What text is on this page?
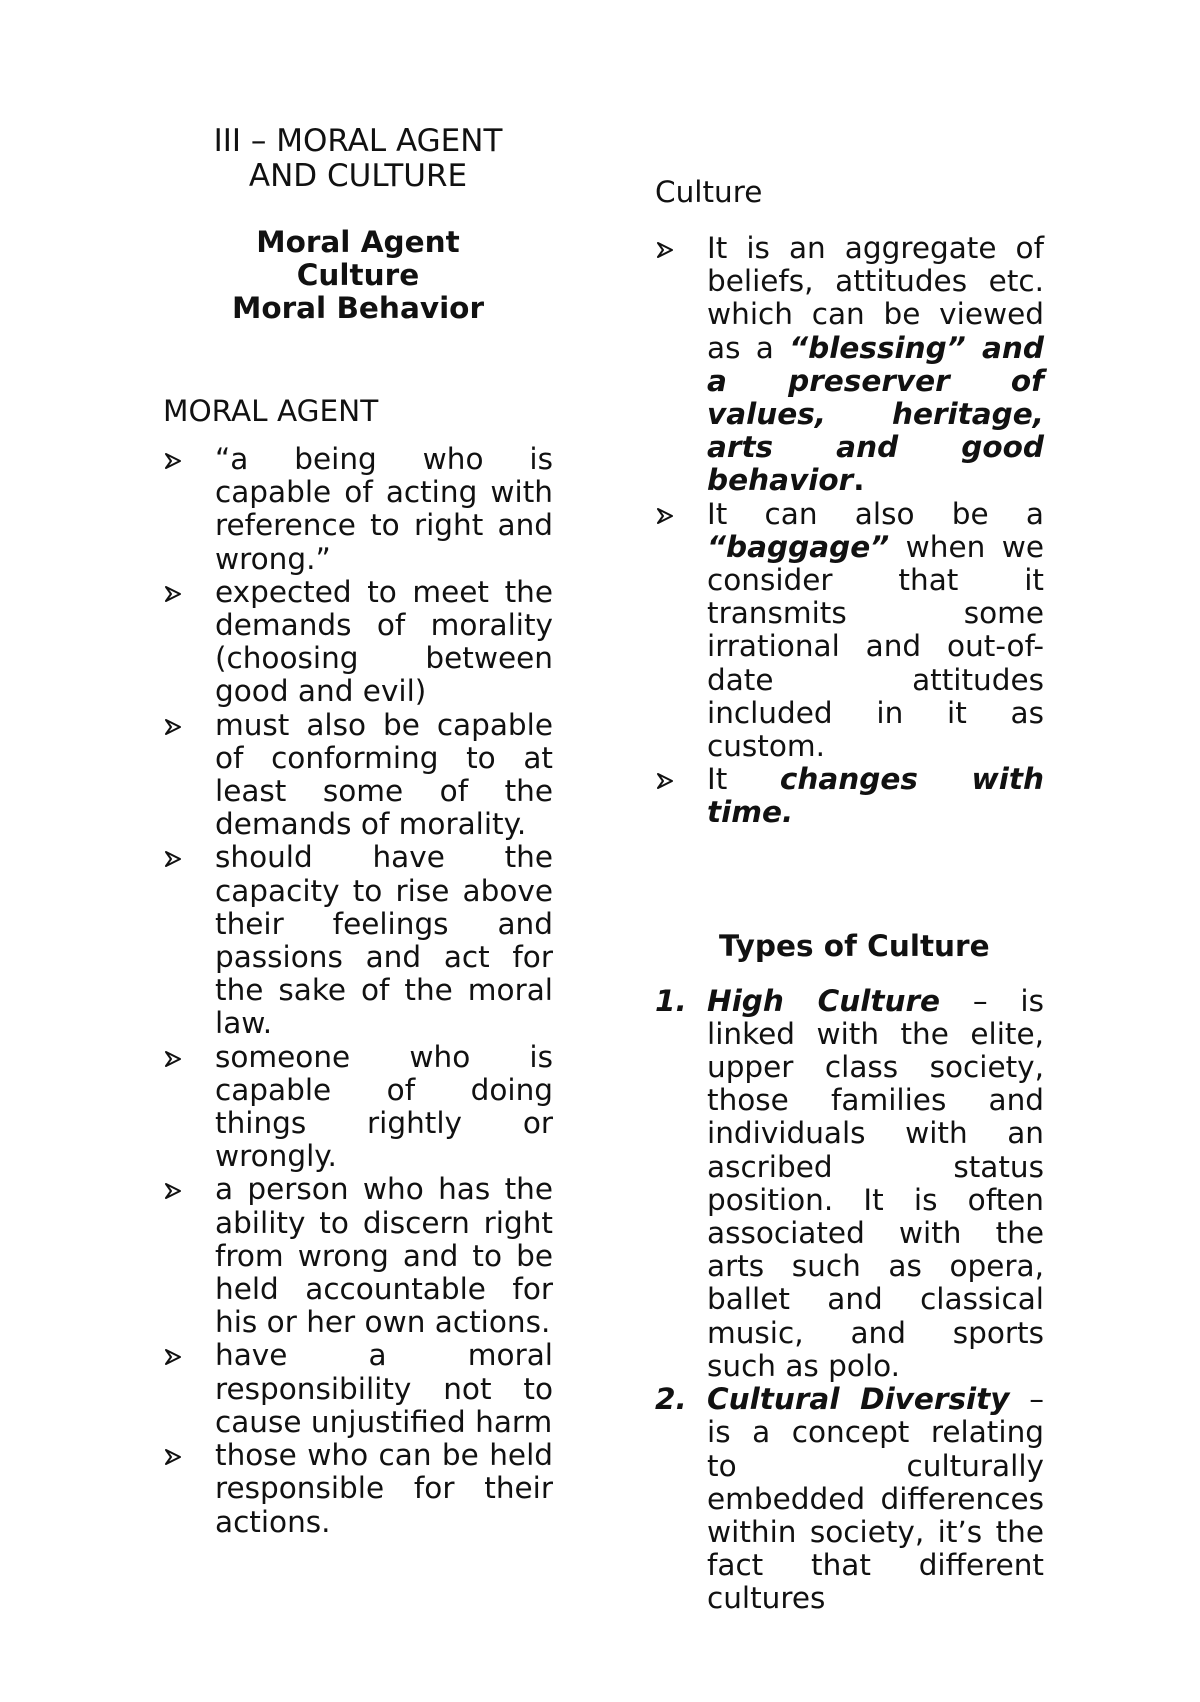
III – MORAL AGENT
AND CULTURE
Moral Agent
Culture
Moral Behavior
MORAL AGENT
“a being who is capable of acting with reference to right and wrong.”
expected to meet the demands of morality (choosing between good and evil)
must also be capable of conforming to at least some of the demands of morality.
should have the capacity to rise above their feelings and passions and act for the sake of the moral law.
someone who is capable of doing things rightly or wrongly.
a person who has the ability to discern right from wrong and to be held accountable for his or her own actions.
have a moral responsibility not to cause unjustified harm
those who can be held responsible for their actions.
Culture
It is an aggregate of beliefs, attitudes etc. which can be viewed as a “blessing” and a preserver of values, heritage, arts and good behavior.
It can also be a “baggage” when we consider that it transmits some irrational and out-of-date attitudes included in it as custom.
It changes with time.
Types of Culture
1. High Culture – is linked with the elite, upper class society, those families and individuals with an ascribed status position. It is often associated with the arts such as opera, ballet and classical music, and sports such as polo.
2. Cultural Diversity – is a concept relating to culturally embedded differences within society, it’s the fact that different cultures
